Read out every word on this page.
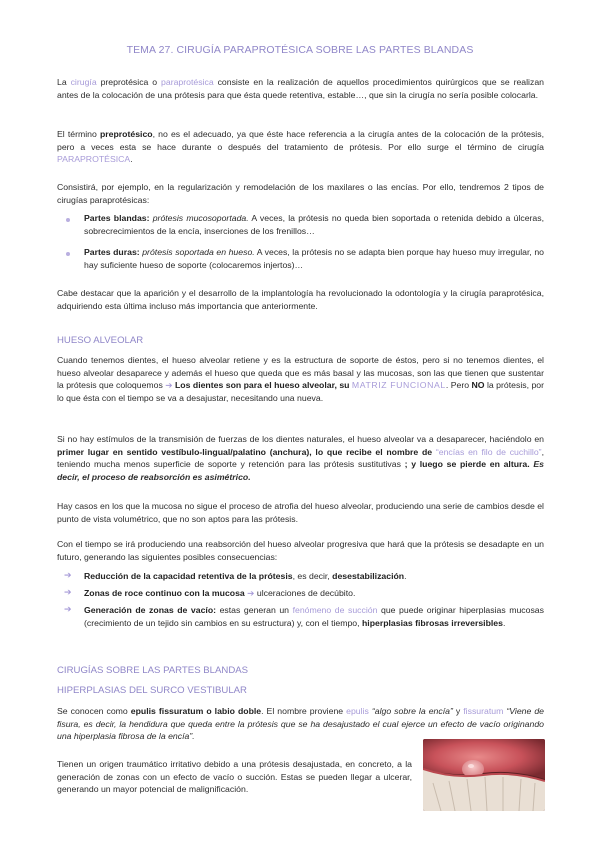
TEMA 27. CIRUGÍA PARAPROTÉSICA SOBRE LAS PARTES BLANDAS
La cirugía preprotésica o paraprotésica consiste en la realización de aquellos procedimientos quirúrgicos que se realizan antes de la colocación de una prótesis para que ésta quede retentiva, estable…, que sin la cirugía no sería posible colocarla.
El término preprotésico, no es el adecuado, ya que éste hace referencia a la cirugía antes de la colocación de la prótesis, pero a veces esta se hace durante o después del tratamiento de prótesis. Por ello surge el término de cirugía PARAPROTÉSICA.
Consistirá, por ejemplo, en la regularización y remodelación de los maxilares o las encías. Por ello, tendremos 2 tipos de cirugías paraprotésicas:
Partes blandas: prótesis mucosoportada. A veces, la prótesis no queda bien soportada o retenida debido a úlceras, sobrecrecimientos de la encía, inserciones de los frenillos…
Partes duras: prótesis soportada en hueso. A veces, la prótesis no se adapta bien porque hay hueso muy irregular, no hay suficiente hueso de soporte (colocaremos injertos)…
Cabe destacar que la aparición y el desarrollo de la implantología ha revolucionado la odontología y la cirugía paraprotésica, adquiriendo esta última incluso más importancia que anteriormente.
HUESO ALVEOLAR
Cuando tenemos dientes, el hueso alveolar retiene y es la estructura de soporte de éstos, pero si no tenemos dientes, el hueso alveolar desaparece y además el hueso que queda que es más basal y las mucosas, son las que tienen que sustentar la prótesis que coloquemos ➔ Los dientes son para el hueso alveolar, su MATRIZ FUNCIONAL. Pero NO la prótesis, por lo que ésta con el tiempo se va a desajustar, necesitando una nueva.
Si no hay estímulos de la transmisión de fuerzas de los dientes naturales, el hueso alveolar va a desaparecer, haciéndolo en primer lugar en sentido vestíbulo-lingual/palatino (anchura), lo que recibe el nombre de “encías en filo de cuchillo”, teniendo mucha menos superficie de soporte y retención para las prótesis sustitutivas ; y luego se pierde en altura. Es decir, el proceso de reabsorción es asimétrico.
Hay casos en los que la mucosa no sigue el proceso de atrofia del hueso alveolar, produciendo una serie de cambios desde el punto de vista volumétrico, que no son aptos para las prótesis.
Con el tiempo se irá produciendo una reabsorción del hueso alveolar progresiva que hará que la prótesis se desadapte en un futuro, generando las siguientes posibles consecuencias:
➔ Reducción de la capacidad retentiva de la prótesis, es decir, desestabilización.
➔ Zonas de roce continuo con la mucosa ➔ ulceraciones de decúbito.
➔ Generación de zonas de vacío: estas generan un fenómeno de succión que puede originar hiperplasias mucosas (crecimiento de un tejido sin cambios en su estructura) y, con el tiempo, hiperplasias fibrosas irreversibles.
CIRUGÍAS SOBRE LAS PARTES BLANDAS
HIPERPLASIAS DEL SURCO VESTIBULAR
Se conocen como epulis fissuratum o labio doble. El nombre proviene epulis “algo sobre la encía” y fissuratum “Viene de fisura, es decir, la hendidura que queda entre la prótesis que se ha desajustado el cual ejerce un efecto de vacío originando una hiperplasia fibrosa de la encía”.
Tienen un origen traumático irritativo debido a una prótesis desajustada, en concreto, a la generación de zonas con un efecto de vacío o succión. Estas se pueden llegar a ulcerar, generando un mayor potencial de malignificación.
